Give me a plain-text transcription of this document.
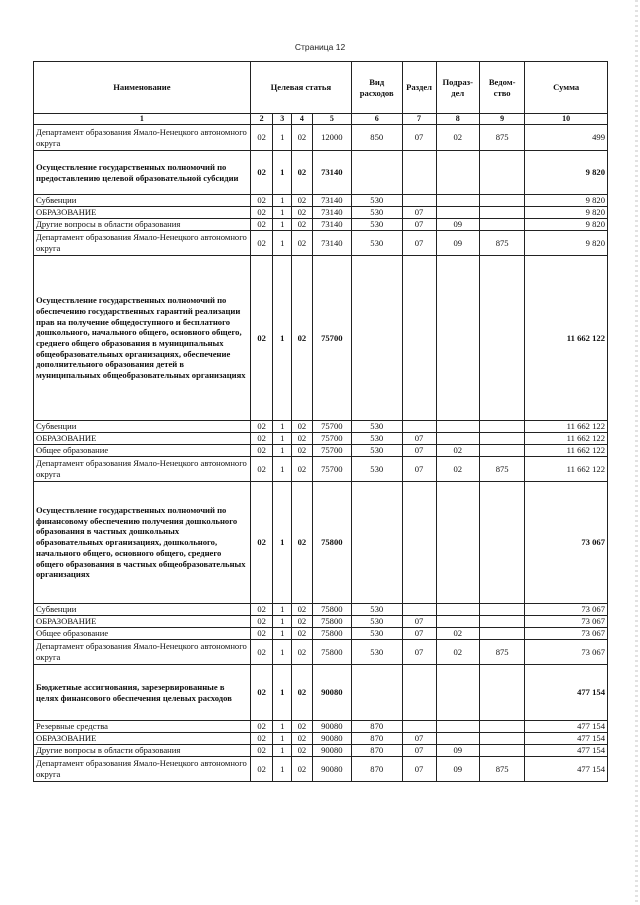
Страница 12
Наименование	Целевая статья				Вид расходов	Раздел	Подраз-дел	Ведом-ство	Сумма
1	2	3	4	5	6	7	8	9	10
Департамент образования Ямало-Ненецкого автономного округа	02	1	02	12000	850	07	02	875	499
Осуществление государственных полномочий по предоставлению целевой образовательной субсидии	02	1	02	73140					9 820
Субвенции	02	1	02	73140	530				9 820
ОБРАЗОВАНИЕ	02	1	02	73140	530	07			9 820
Другие вопросы в области образования	02	1	02	73140	530	07	09		9 820
Департамент образования Ямало-Ненецкого автономного округа	02	1	02	73140	530	07	09	875	9 820
Осуществление государственных полномочий по обеспечению государственных гарантий реализации прав на получение общедоступного и бесплатного дошкольного, начального общего, основного общего, среднего общего образования в муниципальных общеобразовательных организациях, обеспечение дополнительного образования детей в муниципальных общеобразовательных организациях	02	1	02	75700					11 662 122
Субвенции	02	1	02	75700	530				11 662 122
ОБРАЗОВАНИЕ	02	1	02	75700	530	07			11 662 122
Общее образование	02	1	02	75700	530	07	02		11 662 122
Департамент образования Ямало-Ненецкого автономного округа	02	1	02	75700	530	07	02	875	11 662 122
Осуществление государственных полномочий по финансовому обеспечению получения дошкольного образования в частных дошкольных образовательных организациях, дошкольного, начального общего, основного общего, среднего общего образования в частных общеобразовательных организациях	02	1	02	75800					73 067
Субвенции	02	1	02	75800	530				73 067
ОБРАЗОВАНИЕ	02	1	02	75800	530	07			73 067
Общее образование	02	1	02	75800	530	07	02		73 067
Департамент образования Ямало-Ненецкого автономного округа	02	1	02	75800	530	07	02	875	73 067
Бюджетные ассигнования, зарезервированные в целях финансового обеспечения целевых расходов	02	1	02	90080					477 154
Резервные средства	02	1	02	90080	870				477 154
ОБРАЗОВАНИЕ	02	1	02	90080	870	07			477 154
Другие вопросы в области образования	02	1	02	90080	870	07	09		477 154
Департамент образования Ямало-Ненецкого автономного округа	02	1	02	90080	870	07	09	875	477 154
